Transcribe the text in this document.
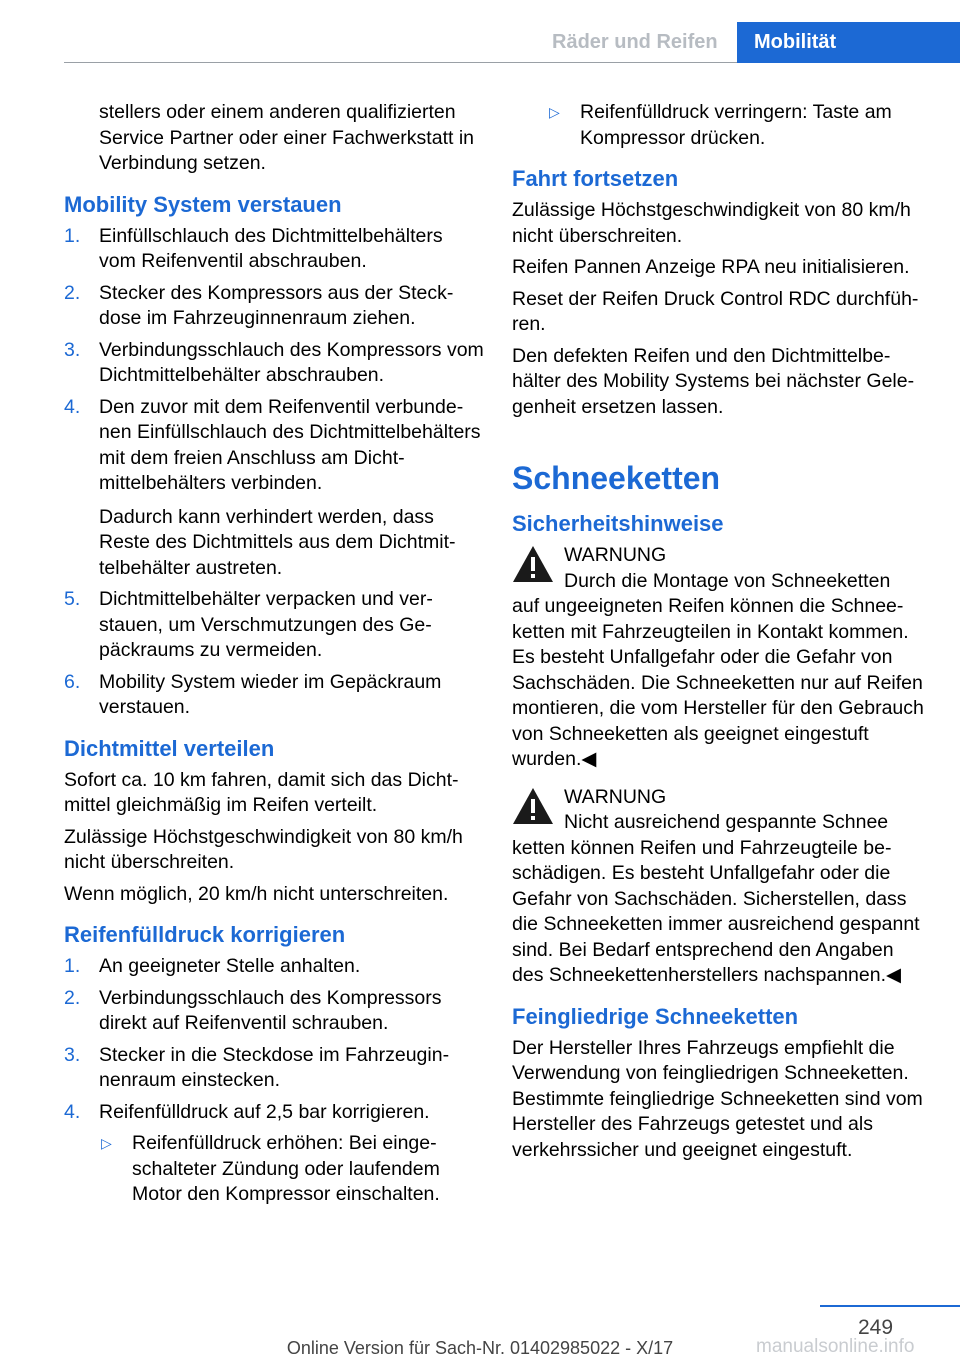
Räder und Reifen	Mobilität

stellers oder einem anderen qualifizierten Service Partner oder einer Fachwerkstatt in Verbindung setzen.

Mobility System verstauen
1. Einfüllschlauch des Dichtmittelbehälters vom Reifenventil abschrauben.
2. Stecker des Kompressors aus der Steckdose im Fahrzeuginnenraum ziehen.
3. Verbindungsschlauch des Kompressors vom Dichtmittelbehälter abschrauben.
4. Den zuvor mit dem Reifenventil verbundenen Einfüllschlauch des Dichtmittelbehälters mit dem freien Anschluss am Dichtmittelbehälters verbinden.

Dadurch kann verhindert werden, dass Reste des Dichtmittels aus dem Dichtmittelbehälter austreten.

5. Dichtmittelbehälter verpacken und verstauen, um Verschmutzungen des Gepäckraums zu vermeiden.
6. Mobility System wieder im Gepäckraum verstauen.
Dichtmittel verteilen

Sofort ca. 10 km fahren, damit sich das Dichtmittel gleichmäßig im Reifen verteilt.

Zulässige Höchstgeschwindigkeit von 80 km/h nicht überschreiten.

Wenn möglich, 20 km/h nicht unterschreiten.

Reifenfülldruck korrigieren
1. An geeigneter Stelle anhalten.
2. Verbindungsschlauch des Kompressors direkt auf Reifenventil schrauben.
3. Stecker in die Steckdose im Fahrzeuginnenraum einstecken.
4. Reifenfülldruck auf 2,5 bar korrigieren.
▷	Reifenfülldruck erhöhen: Bei eingeschalteter Zündung oder laufendem Motor den Kompressor einschalten.
▷	Reifenfülldruck verringern: Taste am Kompressor drücken.
Fahrt fortsetzen

Zulässige Höchstgeschwindigkeit von 80 km/h nicht überschreiten.

Reifen Pannen Anzeige RPA neu initialisieren.

Reset der Reifen Druck Control RDC durchführen.

Den defekten Reifen und den Dichtmittelbehälter des Mobility Systems bei nächster Gelegenheit ersetzen lassen.

Schneeketten
Sicherheitshinweise

WARNUNG

Durch die Montage von Schneeketten

auf ungeeigneten Reifen können die Schneeketten mit Fahrzeugteilen in Kontakt kommen. Es besteht Unfallgefahr oder die Gefahr von Sachschäden. Die Schneeketten nur auf Reifen montieren, die vom Hersteller für den Gebrauch von Schneeketten als geeignet eingestuft wurden.◀

WARNUNG

Nicht ausreichend gespannte Schnee

ketten können Reifen und Fahrzeugteile beschädigen. Es besteht Unfallgefahr oder die Gefahr von Sachschäden. Sicherstellen, dass die Schneeketten immer ausreichend gespannt sind. Bei Bedarf entsprechend den Angaben des Schneekettenherstellers nachspannen.◀

Feingliedrige Schneeketten

Der Hersteller Ihres Fahrzeugs empfiehlt die Verwendung von feingliedrigen Schneeketten. Bestimmte feingliedrige Schneeketten sind vom Hersteller des Fahrzeugs getestet und als verkehrssicher und geeignet eingestuft.

249
manualsonline.info
Online Version für Sach-Nr. 01402985022 - X/17
